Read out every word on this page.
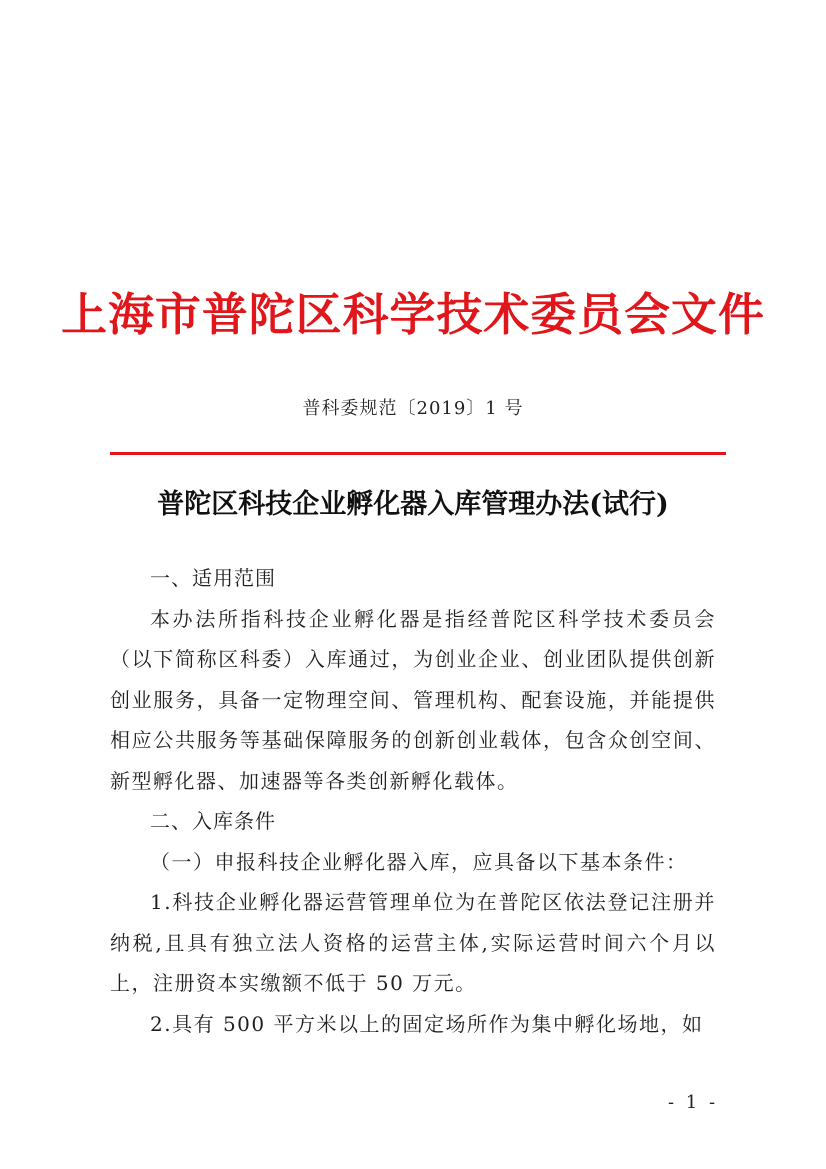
上海市普陀区科学技术委员会文件
普科委规范〔2019〕1 号
普陀区科技企业孵化器入库管理办法(试行)

一、适用范围

本办法所指科技企业孵化器是指经普陀区科学技术委员会（以下简称区科委）入库通过，为创业企业、创业团队提供创新创业服务，具备一定物理空间、管理机构、配套设施，并能提供相应公共服务等基础保障服务的创新创业载体，包含众创空间、新型孵化器、加速器等各类创新孵化载体。

二、入库条件

（一）申报科技企业孵化器入库，应具备以下基本条件：

1.科技企业孵化器运营管理单位为在普陀区依法登记注册并纳税,且具有独立法人资格的运营主体,实际运营时间六个月以上，注册资本实缴额不低于 50 万元。

2.具有 500 平方米以上的固定场所作为集中孵化场地，如

- 1 -
